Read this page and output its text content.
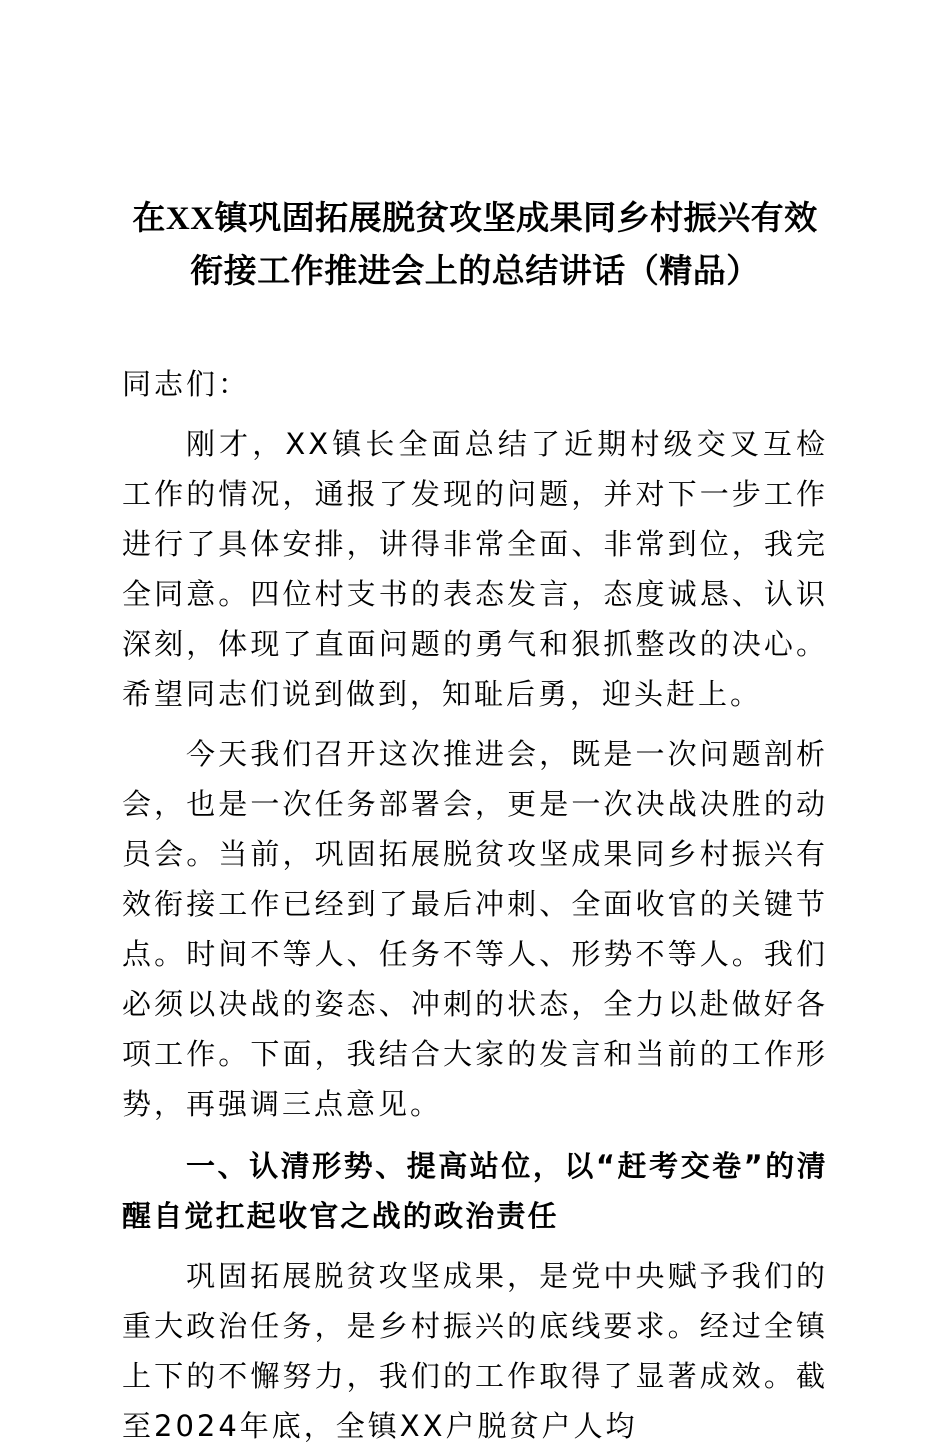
在XX镇巩固拓展脱贫攻坚成果同乡村振兴有效衔接工作推进会上的总结讲话（精品）

同志们：

刚才，XX镇长全面总结了近期村级交叉互检工作的情况，通报了发现的问题，并对下一步工作进行了具体安排，讲得非常全面、非常到位，我完全同意。四位村支书的表态发言，态度诚恳、认识深刻，体现了直面问题的勇气和狠抓整改的决心。希望同志们说到做到，知耻后勇，迎头赶上。

今天我们召开这次推进会，既是一次问题剖析会，也是一次任务部署会，更是一次决战决胜的动员会。当前，巩固拓展脱贫攻坚成果同乡村振兴有效衔接工作已经到了最后冲刺、全面收官的关键节点。时间不等人、任务不等人、形势不等人。我们必须以决战的姿态、冲刺的状态，全力以赴做好各项工作。下面，我结合大家的发言和当前的工作形势，再强调三点意见。

一、认清形势、提高站位，以“赶考交卷”的清醒自觉扛起收官之战的政治责任

巩固拓展脱贫攻坚成果，是党中央赋予我们的重大政治任务，是乡村振兴的底线要求。经过全镇上下的不懈努力，我们的工作取得了显著成效。截至2024年底，全镇XX户脱贫户人均
